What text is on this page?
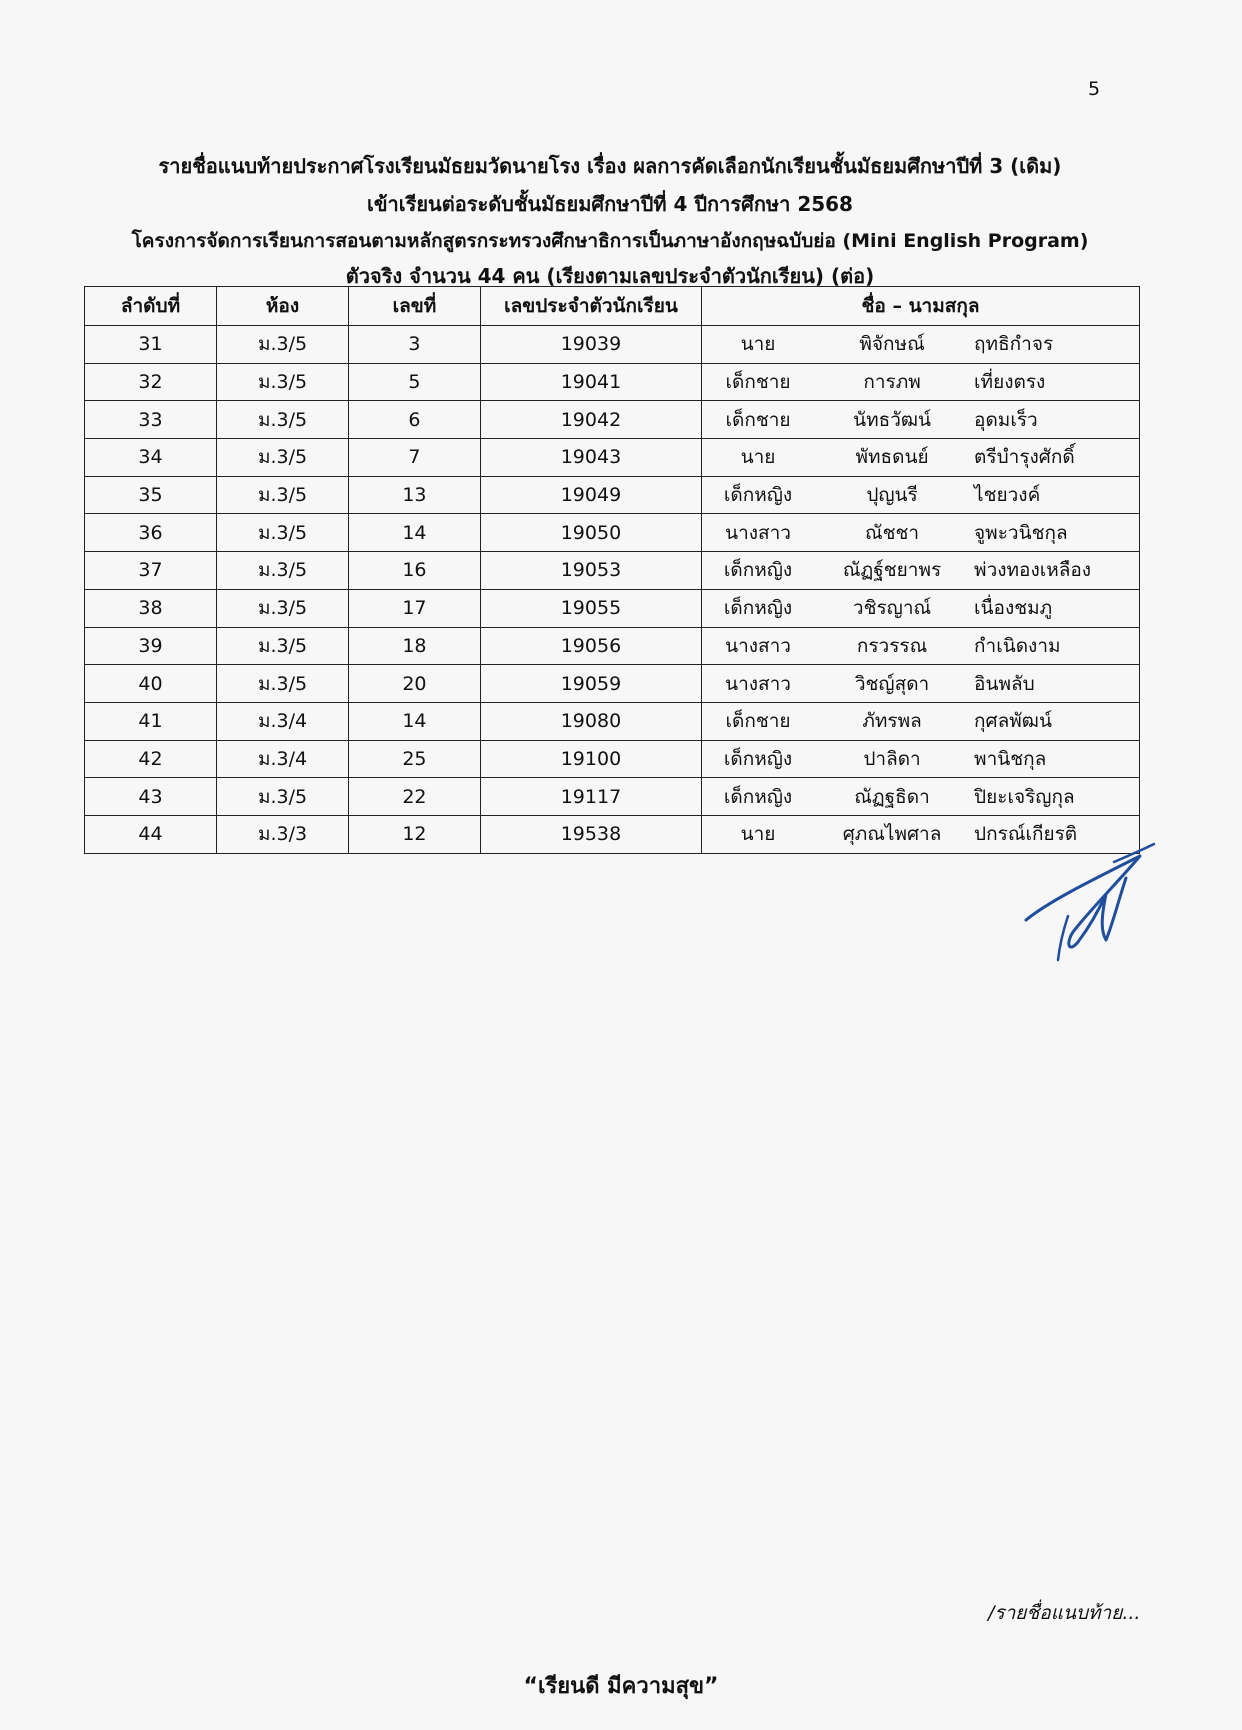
5
รายชื่อแนบท้ายประกาศโรงเรียนมัธยมวัดนายโรง เรื่อง ผลการคัดเลือกนักเรียนชั้นมัธยมศึกษาปีที่ 3 (เดิม)
เข้าเรียนต่อระดับชั้นมัธยมศึกษาปีที่ 4 ปีการศึกษา 2568
โครงการจัดการเรียนการสอนตามหลักสูตรกระทรวงศึกษาธิการเป็นภาษาอังกฤษฉบับย่อ (Mini English Program)
ตัวจริง จำนวน 44 คน (เรียงตามเลขประจำตัวนักเรียน) (ต่อ)
ลำดับที่	ห้อง	เลขที่	เลขประจำตัวนักเรียน	ชื่อ – นามสกุล
31	ม.3/5	3	19039	นาย พิจักษณ์ ฤทธิกำจร

32	ม.3/5	5	19041	เด็กชาย การภพ เที่ยงตรง

33	ม.3/5	6	19042	เด็กชาย นัทธวัฒน์ อุดมเร็ว

34	ม.3/5	7	19043	นาย พัทธดนย์ ตรีบำรุงศักดิ์

35	ม.3/5	13	19049	เด็กหญิง ปุญนรี ไชยวงค์

36	ม.3/5	14	19050	นางสาว ณัชชา จูพะวนิชกุล

37	ม.3/5	16	19053	เด็กหญิง ณัฏฐ์ชยาพร พ่วงทองเหลือง

38	ม.3/5	17	19055	เด็กหญิง วชิรญาณ์ เนื่องชมภู

39	ม.3/5	18	19056	นางสาว กรวรรณ กำเนิดงาม

40	ม.3/5	20	19059	นางสาว วิชญ์สุดา อินพลับ

41	ม.3/4	14	19080	เด็กชาย ภัทรพล กุศลพัฒน์

42	ม.3/4	25	19100	เด็กหญิง ปาลิดา พานิชกุล

43	ม.3/5	22	19117	เด็กหญิง ณัฏฐธิดา ปิยะเจริญกุล

44	ม.3/3	12	19538	นาย ศุภณไพศาล ปกรณ์เกียรติ
/รายชื่อแนบท้าย...
“เรียนดี มีความสุข”
